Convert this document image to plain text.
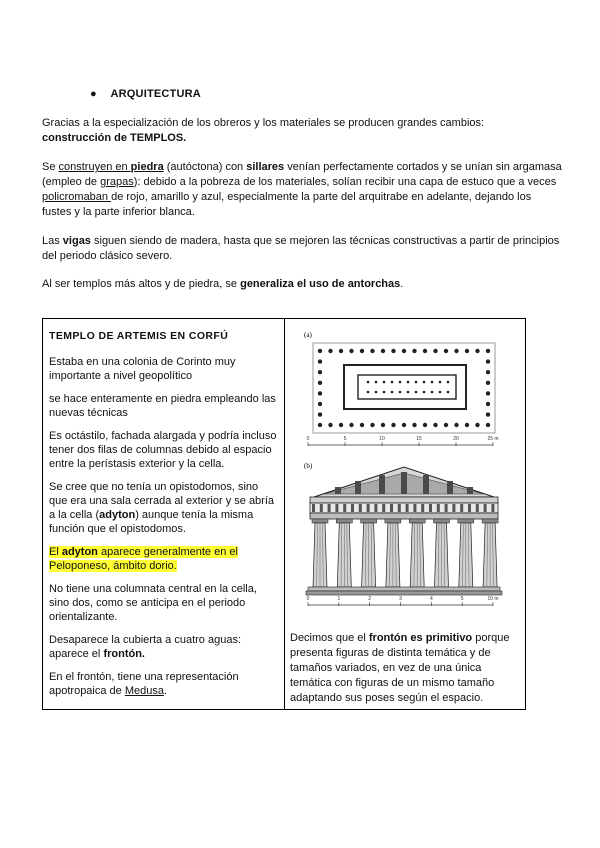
● ARQUITECTURA

Gracias a la especialización de los obreros y los materiales se producen grandes cambios:
construcción de TEMPLOS.

Se construyen en piedra (autóctona) con sillares venían perfectamente cortados y se unían sin argamasa (empleo de grapas): debido a la pobreza de los materiales, solían recibir una capa de estuco que a veces policromaban de rojo, amarillo y azul, especialmente la parte del arquitrabe en adelante, dejando los fustes y la parte inferior blanca.

Las vigas siguen siendo de madera, hasta que se mejoren las técnicas constructivas a partir de principios del periodo clásico severo.

Al ser templos más altos y de piedra, se generaliza el uso de antorchas.

TEMPLO DE ARTEMIS EN CORFÚ

Estaba en una colonia de Corinto muy importante a nivel geopolítico

se hace enteramente en piedra empleando las nuevas técnicas

Es octástilo, fachada alargada y podría incluso tener dos filas de columnas debido al espacio entre la perístasis exterior y la cella.

Se cree que no tenía un opistodomos, sino que era una sala cerrada al exterior y se abría a la cella (adyton) aunque tenía la misma función que el opistodomos.

El adyton aparece generalmente en el Peloponeso, ámbito dorio.

No tiene una columnata central en la cella, sino dos, como se anticipa en el periodo orientalizante.

Desaparece la cubierta a cuatro aguas: aparece el frontón.

En el frontón, tiene una representación apotropaica de Medusa.

Decimos que el frontón es primitivo porque presenta figuras de distinta temática y de tamaños variados, en vez de una única temática con figuras de un mismo tamaño adaptando sus poses según el espacio.

(a)
0	5	10	15	20	25 m
(b)
0	1	2	3	4	5	10 m
